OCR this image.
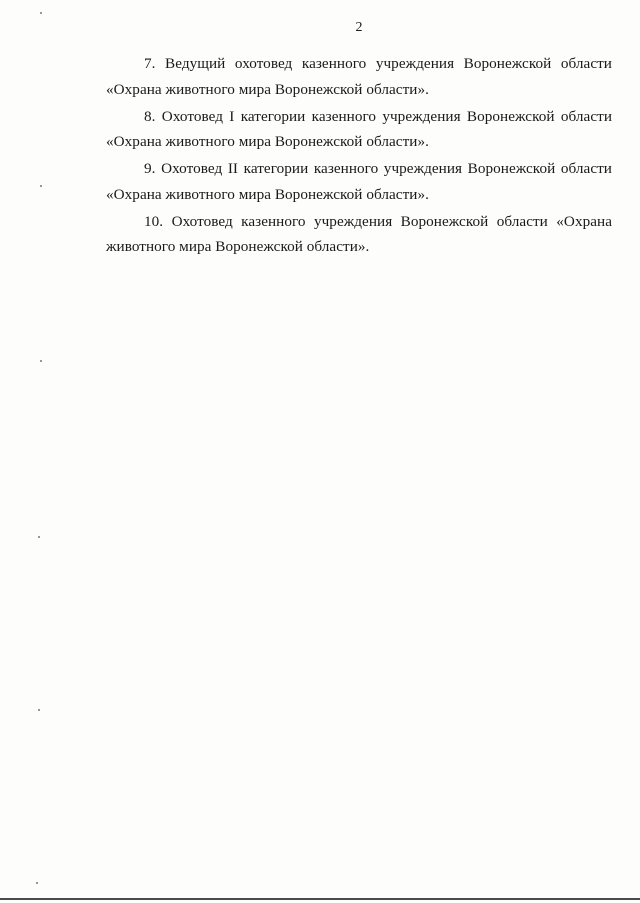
2

7. Ведущий охотовед казенного учреждения Воронежской области «Охрана животного мира Воронежской области».

8. Охотовед I категории казенного учреждения Воронежской области «Охрана животного мира Воронежской области».

9. Охотовед II категории казенного учреждения Воронежской области «Охрана животного мира Воронежской области».

10. Охотовед казенного учреждения Воронежской области «Охрана животного мира Воронежской области».
